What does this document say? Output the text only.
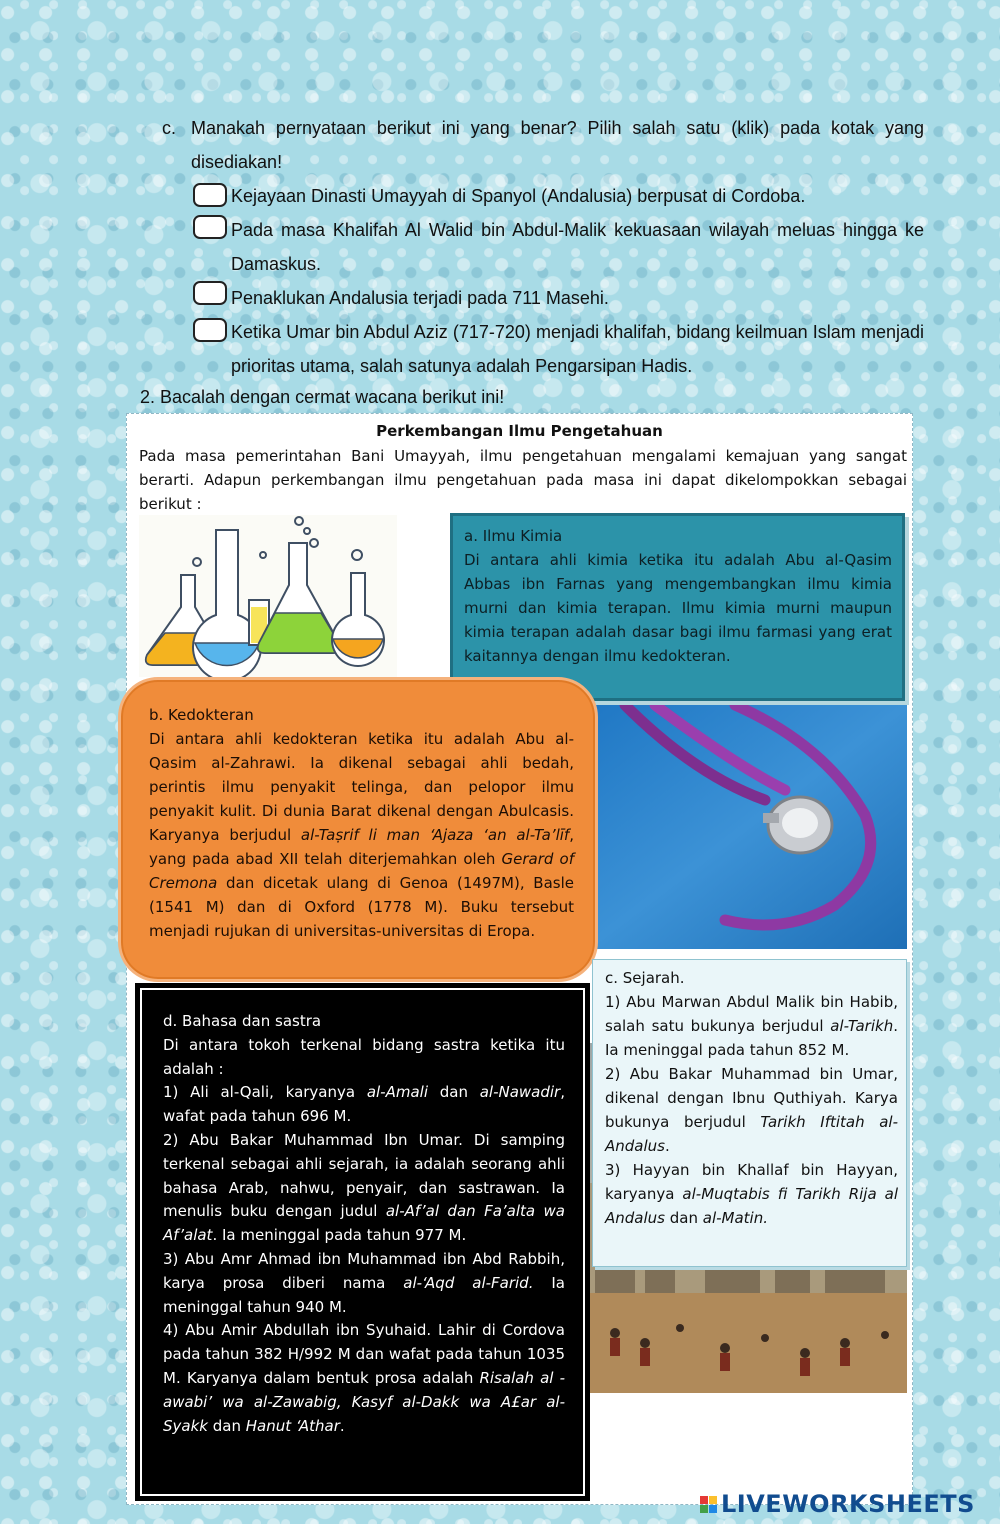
c. Manakah pernyataan berikut ini yang benar? Pilih salah satu (klik) pada kotak yang disediakan!
Kejayaan Dinasti Umayyah di Spanyol (Andalusia) berpusat di Cordoba.
Pada masa Khalifah Al Walid bin Abdul-Malik kekuasaan wilayah meluas hingga ke Damaskus.
Penaklukan Andalusia terjadi pada 711 Masehi.
Ketika Umar bin Abdul Aziz (717-720) menjadi khalifah, bidang keilmuan Islam menjadi prioritas utama, salah satunya adalah Pengarsipan Hadis.
2. Bacalah dengan cermat wacana berikut ini!
Perkembangan Ilmu Pengetahuan
Pada masa pemerintahan Bani Umayyah, ilmu pengetahuan mengalami kemajuan yang sangat berarti. Adapun perkembangan ilmu pengetahuan pada masa ini dapat dikelompokkan sebagai berikut :
a. Ilmu Kimia
Di antara ahli kimia ketika itu adalah Abu al-Qasim Abbas ibn Farnas yang mengembangkan ilmu kimia murni dan kimia terapan. Ilmu kimia murni maupun kimia terapan adalah dasar bagi ilmu farmasi yang erat kaitannya dengan ilmu kedokteran.
b. Kedokteran
Di antara ahli kedokteran ketika itu adalah Abu al-Qasim al-Zahrawi. Ia dikenal sebagai ahli bedah, perintis ilmu penyakit telinga, dan pelopor ilmu penyakit kulit. Di dunia Barat dikenal dengan Abulcasis. Karyanya berjudul al-Taṣrif li man ‘Ajaza ‘an al-Ta’līf, yang pada abad XII telah diterjemahkan oleh Gerard of Cremona dan dicetak ulang di Genoa (1497M), Basle (1541 M) dan di Oxford (1778 M). Buku tersebut menjadi rujukan di universitas-universitas di Eropa.
c. Sejarah.
1) Abu Marwan Abdul Malik bin Habib, salah satu bukunya berjudul al-Tarikh. Ia meninggal pada tahun 852 M.
2) Abu Bakar Muhammad bin Umar, dikenal dengan Ibnu Quthiyah. Karya bukunya berjudul Tarikh Iftitah al-Andalus.
3) Hayyan bin Khallaf bin Hayyan, karyanya al-Muqtabis fi Tarikh Rija al Andalus dan al-Matin.
d. Bahasa dan sastra
Di antara tokoh terkenal bidang sastra ketika itu adalah :
1) Ali al-Qali, karyanya al-Amali dan al-Nawadir, wafat pada tahun 696 M.
2) Abu Bakar Muhammad Ibn Umar. Di samping terkenal sebagai ahli sejarah, ia adalah seorang ahli bahasa Arab, nahwu, penyair, dan sastrawan. Ia menulis buku dengan judul al-Af’al dan Fa’alta wa Af’alat. Ia meninggal pada tahun 977 M.
3) Abu Amr Ahmad ibn Muhammad ibn Abd Rabbih, karya prosa diberi nama al-‘Aqd al-Farid. Ia meninggal tahun 940 M.
4) Abu Amir Abdullah ibn Syuhaid. Lahir di Cordova pada tahun 382 H/992 M dan wafat pada tahun 1035 M. Karyanya dalam bentuk prosa adalah Risalah al -awabi’ wa al-Zawabig, Kasyf al-Dakk wa A£ar al-Syakk dan Hanut ‘Athar.
LIVEWORKSHEETS
